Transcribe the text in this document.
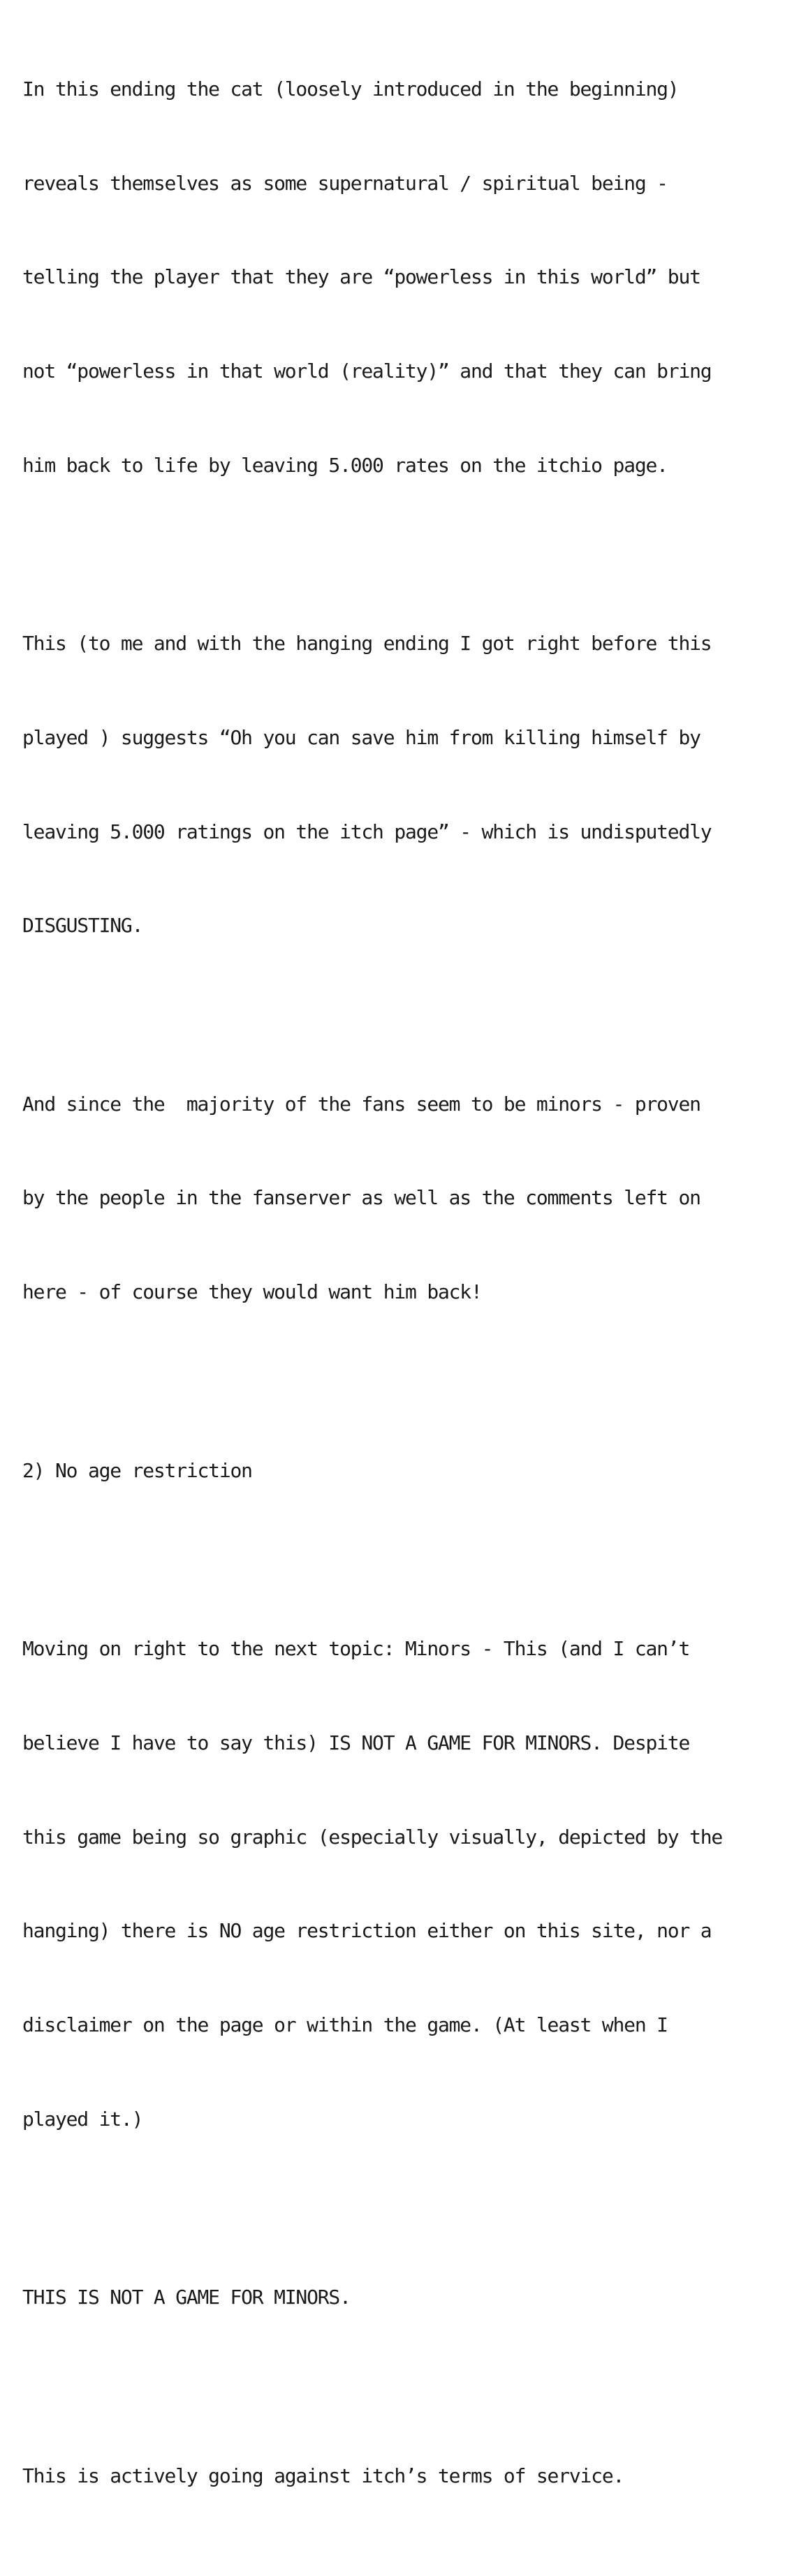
In this ending the cat (loosely introduced in the beginning)

reveals themselves as some supernatural / spiritual being -

telling the player that they are “powerless in this world” but

not “powerless in that world (reality)” and that they can bring

him back to life by leaving 5.000 rates on the itchio page.

This (to me and with the hanging ending I got right before this

played ) suggests “Oh you can save him from killing himself by

leaving 5.000 ratings on the itch page” - which is undisputedly

DISGUSTING.

And since the  majority of the fans seem to be minors - proven

by the people in the fanserver as well as the comments left on

here - of course they would want him back!

2) No age restriction

Moving on right to the next topic: Minors - This (and I can’t

believe I have to say this) IS NOT A GAME FOR MINORS. Despite

this game being so graphic (especially visually, depicted by the

hanging) there is NO age restriction either on this site, nor a

disclaimer on the page or within the game. (At least when I

played it.)

THIS IS NOT A GAME FOR MINORS.

This is actively going against itch’s terms of service.
